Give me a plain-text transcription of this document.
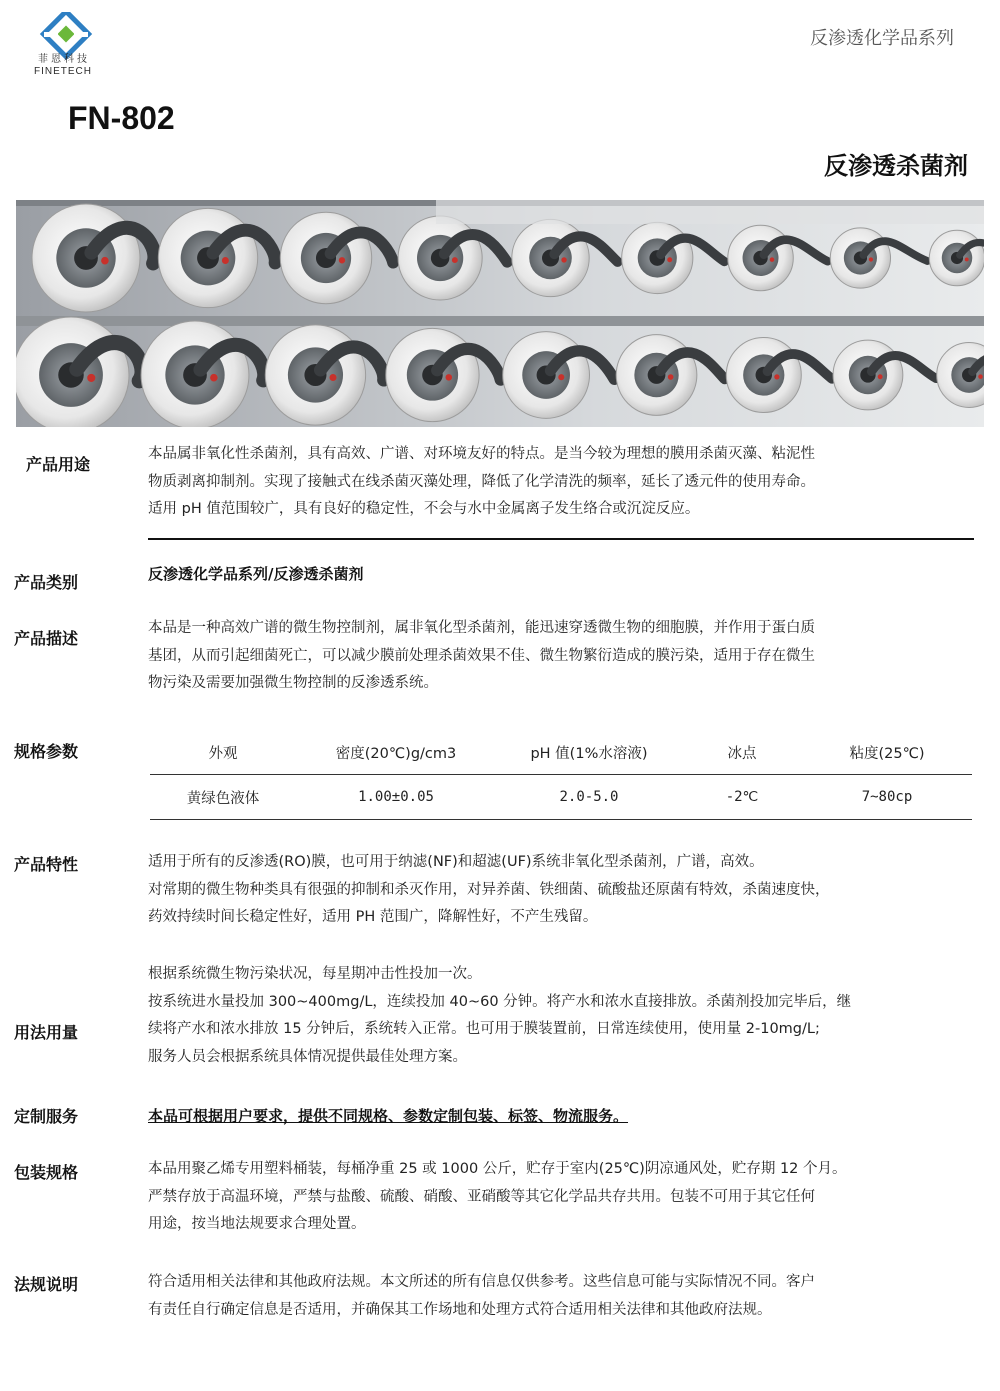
菲恩科技
FINETECH
反渗透化学品系列
FN-802
反渗透杀菌剂
产品用途
本品属非氧化性杀菌剂，具有高效、广谱、对环境友好的特点。是当今较为理想的膜用杀菌灭藻、粘泥性
物质剥离抑制剂。实现了接触式在线杀菌灭藻处理，降低了化学清洗的频率，延长了透元件的使用寿命。
适用 pH 值范围较广，具有良好的稳定性，不会与水中金属离子发生络合或沉淀反应。
产品类别	反渗透化学品系列/反渗透杀菌剂
产品描述
本品是一种高效广谱的微生物控制剂，属非氧化型杀菌剂，能迅速穿透微生物的细胞膜，并作用于蛋白质
基团，从而引起细菌死亡，可以减少膜前处理杀菌效果不佳、微生物繁衍造成的膜污染，适用于存在微生
物污染及需要加强微生物控制的反渗透系统。
规格参数	外观	密度(20℃)g/cm3	pH 值(1%水溶液)	冰点	粘度(25℃)
黄绿色液体	1.00±0.05	2.0-5.0	-2℃	7~80cp
产品特性	适用于所有的反渗透(RO)膜，也可用于纳滤(NF)和超滤(UF)系统非氧化型杀菌剂，广谱，高效。
对常期的微生物种类具有很强的抑制和杀灭作用，对异养菌、铁细菌、硫酸盐还原菌有特效，杀菌速度快，
药效持续时间长稳定性好，适用 PH 范围广，降解性好，不产生残留。
用法用量
根据系统微生物污染状况，每星期冲击性投加一次。
按系统进水量投加 300~400mg/L，连续投加 40~60 分钟。将产水和浓水直接排放。杀菌剂投加完毕后，继
续将产水和浓水排放 15 分钟后，系统转入正常。也可用于膜装置前，日常连续使用，使用量 2-10mg/L;
服务人员会根据系统具体情况提供最佳处理方案。
定制服务	本品可根据用户要求，提供不同规格、参数定制包装、标签、物流服务。
包装规格	本品用聚乙烯专用塑料桶装，每桶净重 25 或 1000 公斤，贮存于室内(25℃)阴凉通风处，贮存期 12 个月。
严禁存放于高温环境，严禁与盐酸、硫酸、硝酸、亚硝酸等其它化学品共存共用。包装不可用于其它任何
用途，按当地法规要求合理处置。
法规说明	符合适用相关法律和其他政府法规。本文所述的所有信息仅供参考。这些信息可能与实际情况不同。客户
有责任自行确定信息是否适用，并确保其工作场地和处理方式符合适用相关法律和其他政府法规。
